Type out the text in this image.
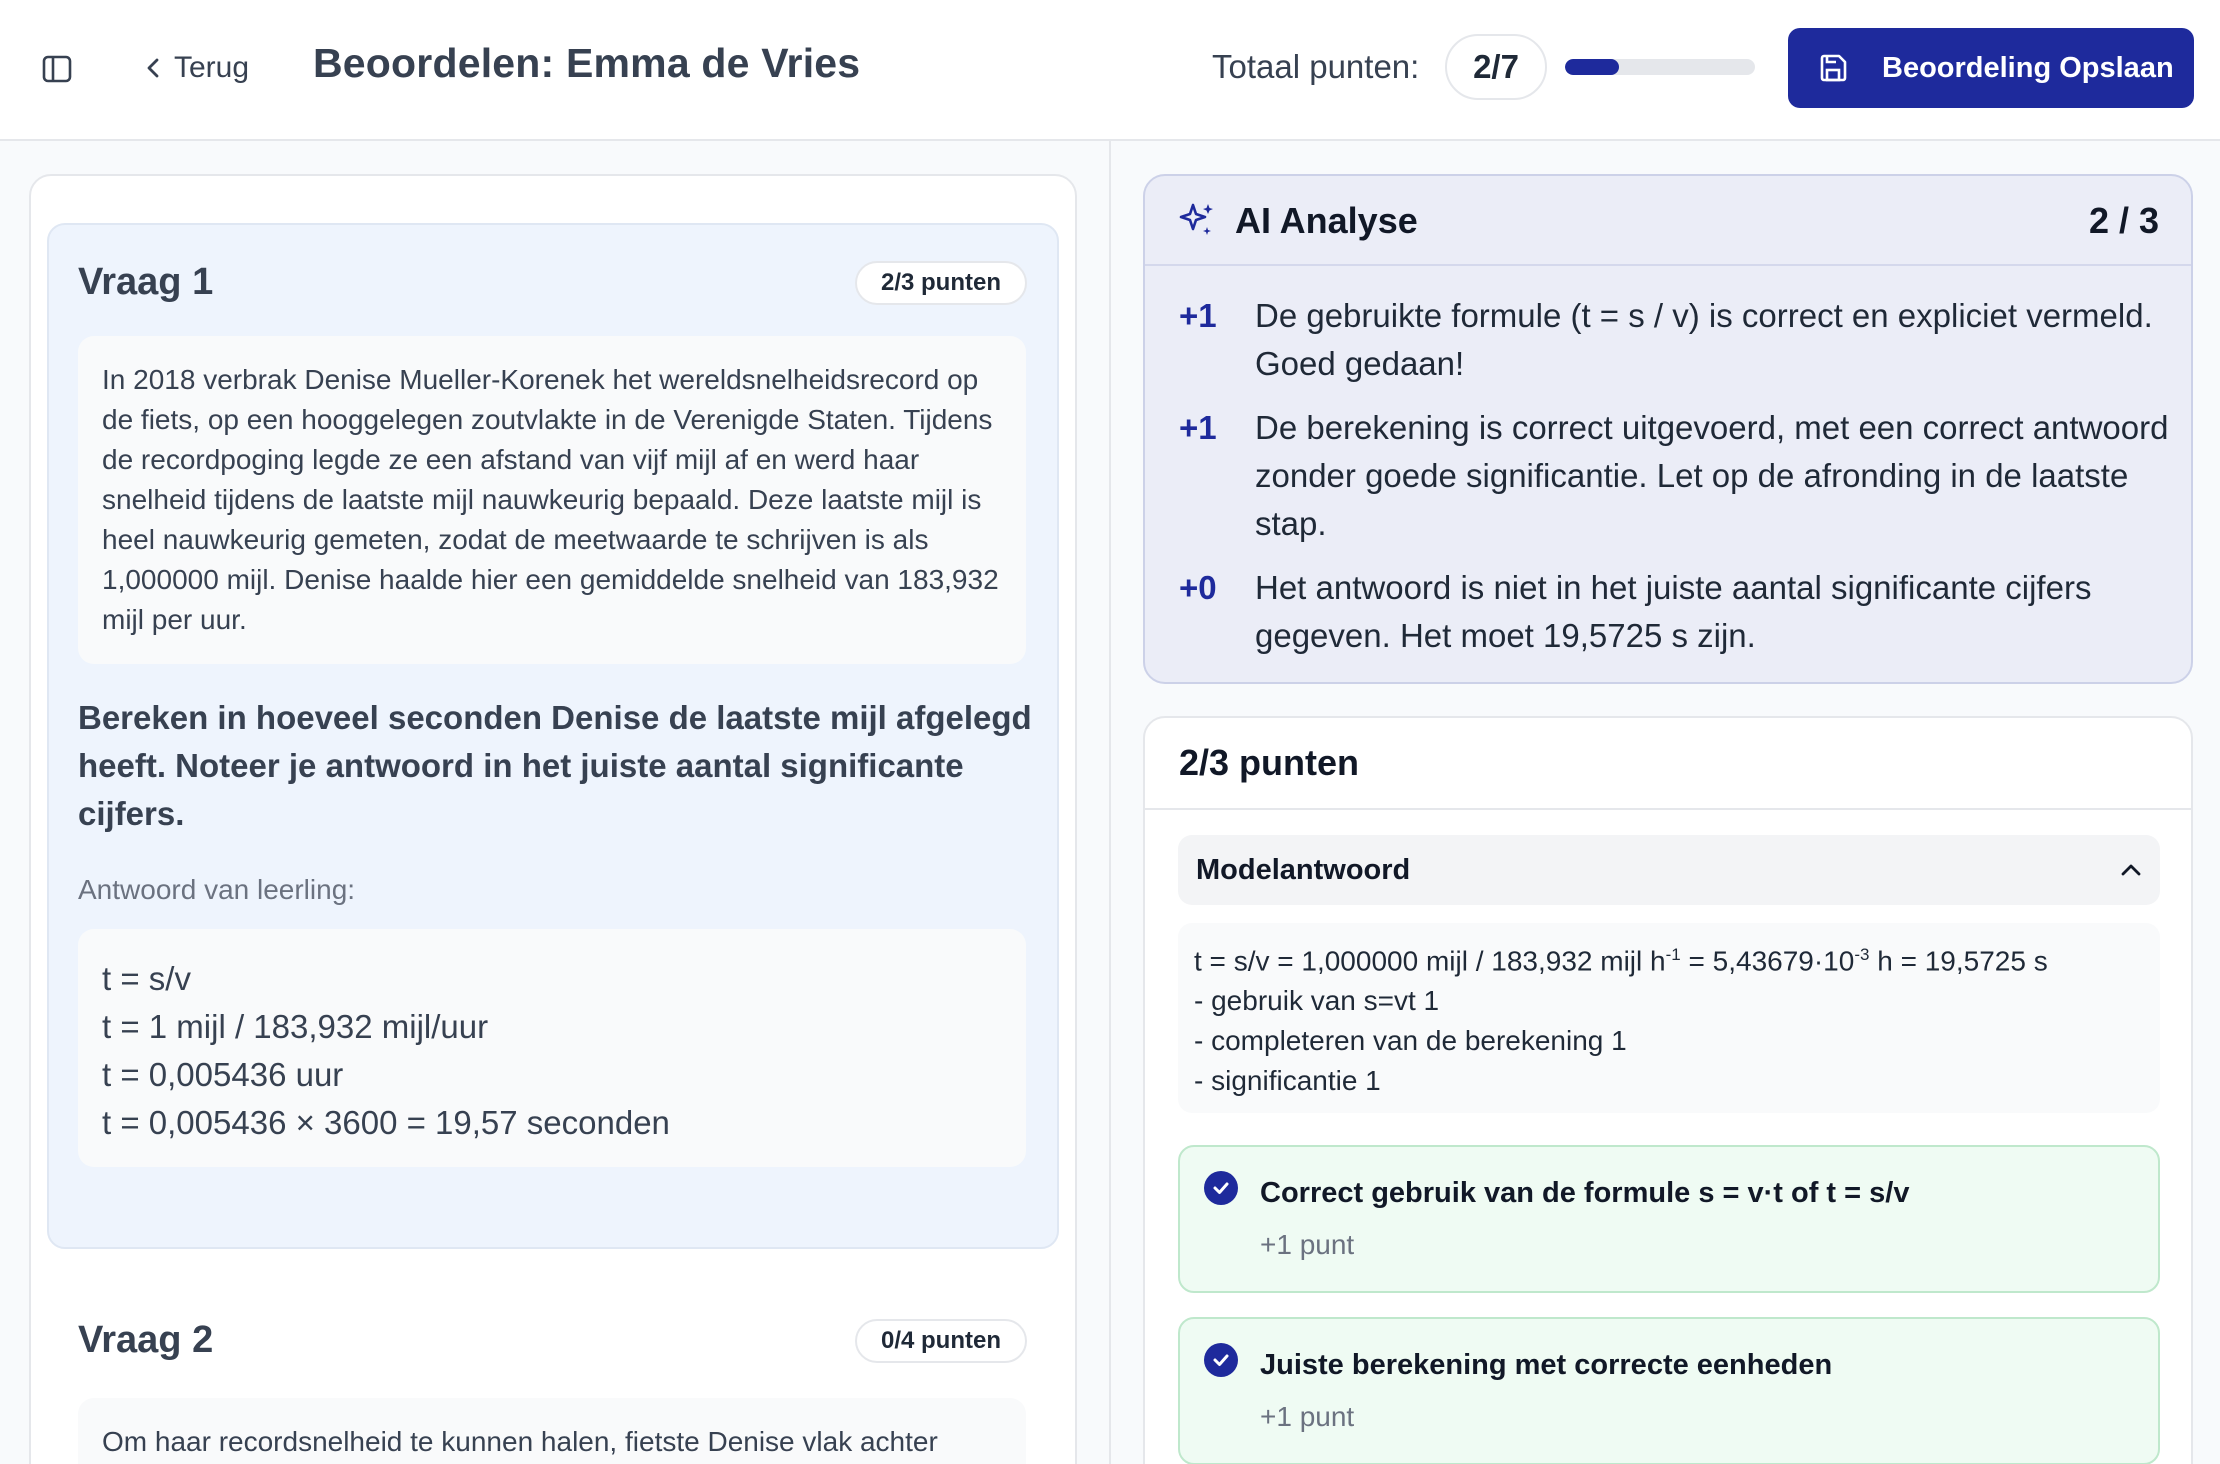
Terug Beoordelen: Emma de Vries	Totaal punten:	2/7	Beoordeling Opslaan
Vraag 1	2/3 punten
In 2018 verbrak Denise Mueller-Korenek het wereldsnelheidsrecord op de fiets, op een hooggelegen zoutvlakte in de Verenigde Staten. Tijdens de recordpoging legde ze een afstand van vijf mijl af en werd haar snelheid tijdens de laatste mijl nauwkeurig bepaald. Deze laatste mijl is heel nauwkeurig gemeten, zodat de meetwaarde te schrijven is als 1,000000 mijl. Denise haalde hier een gemiddelde snelheid van 183,932 mijl per uur.
Bereken in hoeveel seconden Denise de laatste mijl afgelegd heeft. Noteer je antwoord in het juiste aantal significante cijfers.
Antwoord van leerling:
t = s/v
t = 1 mijl / 183,932 mijl/uur
t = 0,005436 uur
t = 0,005436 × 3600 = 19,57 seconden
Vraag 2	0/4 punten
Om haar recordsnelheid te kunnen halen, fietste Denise vlak achter
AI Analyse	2 / 3
+1	De gebruikte formule (t = s / v) is correct en expliciet vermeld. Goed gedaan!
+1	De berekening is correct uitgevoerd, met een correct antwoord zonder goede significantie. Let op de afronding in de laatste stap.
+0	Het antwoord is niet in het juiste aantal significante cijfers gegeven. Het moet 19,5725 s zijn.
2/3 punten
Modelantwoord
t = s/v = 1,000000 mijl / 183,932 mijl $h^{-1} = 5,43679\cdot 10^{-3}$ h = 19,5725 s
- gebruik van s=vt 1
- completeren van de berekening 1
- significantie 1
Correct gebruik van de formule s = v·t of t = s/v
+1 punt
Juiste berekening met correcte eenheden
+1 punt
